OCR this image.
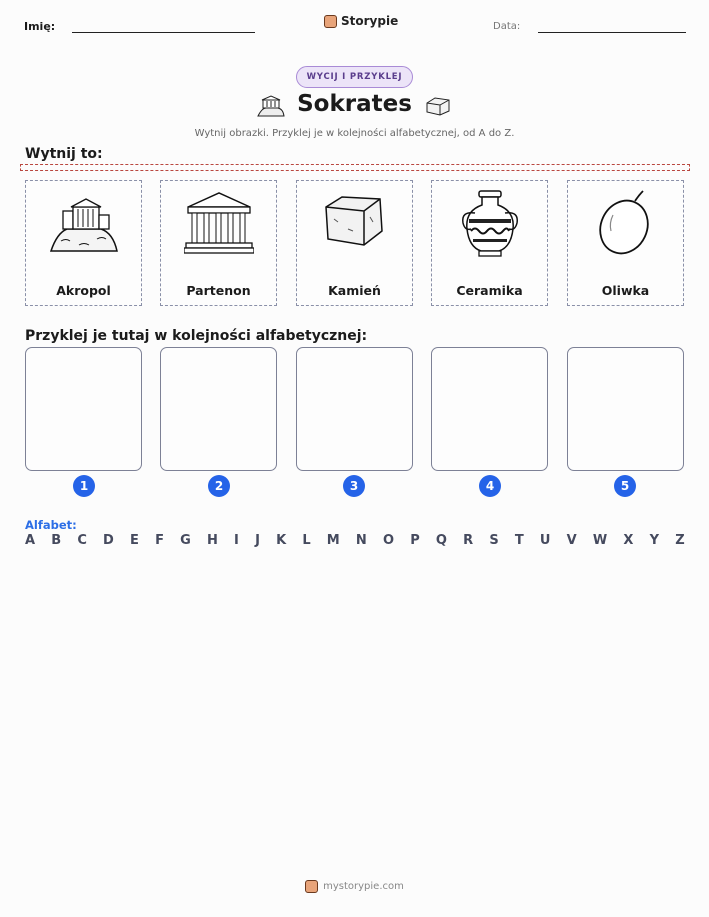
Imię:	Storypie	Data:
WYCIJ I PRZYKLEJ
Sokrates
Wytnij obrazki. Przyklej je w kolejności alfabetycznej, od A do Z.
Wytnij to:
Akropol	Partenon	Kamień	Ceramika	Oliwka
Przyklej je tutaj w kolejności alfabetycznej:
1	2	3	4	5
Alfabet:
A B C D E F G H I J K L M N O P Q R S T U V W X Y Z
mystorypie.com
